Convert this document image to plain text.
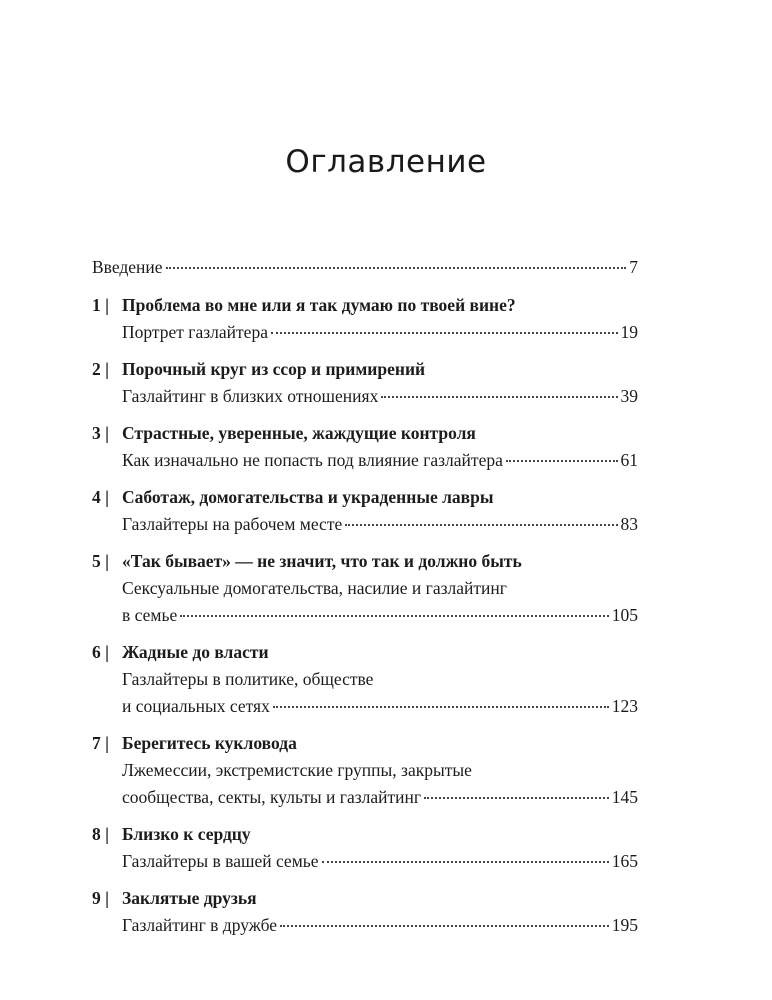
Оглавление
Введение	7
1 | Проблема во мне или я так думаю по твоей вине?
Портрет газлайтера	19
2 | Порочный круг из ссор и примирений
Газлайтинг в близких отношениях	39
3 | Страстные, уверенные, жаждущие контроля
Как изначально не попасть под влияние газлайтера	61
4 | Саботаж, домогательства и украденные лавры
Газлайтеры на рабочем месте	83
5 | «Так бывает» — не значит, что так и должно быть
Сексуальные домогательства, насилие и газлайтинг
в семье	105
6 | Жадные до власти
Газлайтеры в политике, обществе
и социальных сетях	123
7 | Берегитесь кукловода
Лжемессии, экстремистские группы, закрытые
сообщества, секты, культы и газлайтинг	145
8 | Близко к сердцу
Газлайтеры в вашей семье	165
9 | Заклятые друзья
Газлайтинг в дружбе	195
